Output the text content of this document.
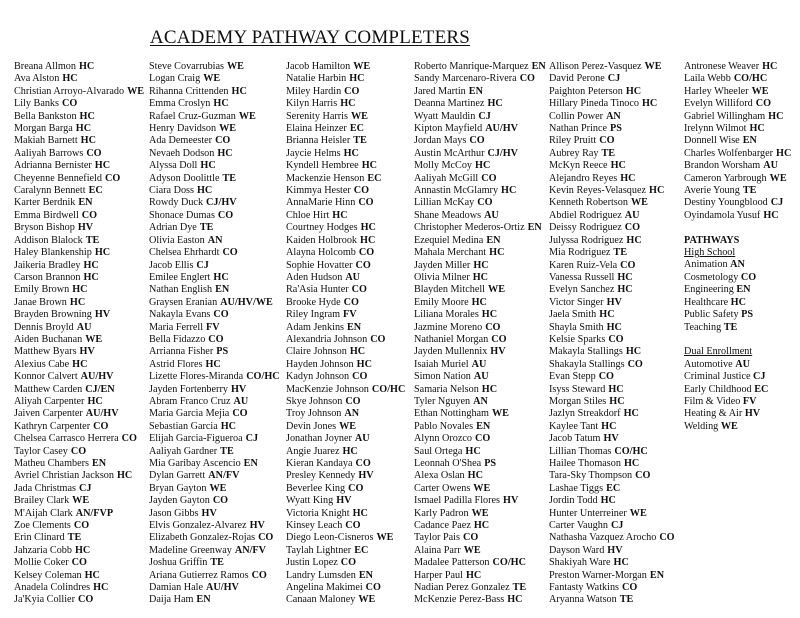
ACADEMY PATHWAY COMPLETERS
Breana Allmon HC
Ava Alston HC
Christian Arroyo-Alvarado WE
Lily Banks CO
Bella Bankston HC
Morgan Barga HC
Makiah Barnett HC
Aaliyah Barrows CO
Adrianna Bernister HC
Cheyenne Bennefield CO
Caralynn Bennett EC
Karter Berdnik EN
Emma Birdwell CO
Bryson Bishop HV
Addison Blalock TE
Haley Blankenship HC
Jaikeria Bradley HC
Carson Brannon HC
Emily Brown HC
Janae Brown HC
Brayden Browning HV
Dennis Broyld AU
Aiden Buchanan WE
Matthew Byars HV
Alexius Cabe HC
Konnor Calvert AU/HV
Matthew Carden CJ/EN
Aliyah Carpenter HC
Jaiven Carpenter AU/HV
Kathryn Carpenter CO
Chelsea Carrasco Herrera CO
Taylor Casey CO
Matheu Chambers EN
Avriel Christian Jackson HC
Jada Christmas CJ
Brailey Clark WE
M'Aijah Clark AN/FVP
Zoe Clements CO
Erin Clinard TE
Jahzaria Cobb HC
Mollie Coker CO
Kelsey Coleman HC
Anadela Colindres HC
Ja'Kyia Collier CO
Steve Covarrubias WE
Logan Craig WE
Rihanna Crittenden HC
Emma Croslyn HC
Rafael Cruz-Guzman WE
Henry Davidson WE
Ada Demeester CO
Nevaeh Dodson HC
Alyssa Doll HC
Adyson Doolittle TE
Ciara Doss HC
Rowdy Duck CJ/HV
Shonace Dumas CO
Adrian Dye TE
Olivia Easton AN
Chelsea Ehrhardt CO
Jacob Ellis CJ
Emilee Englert HC
Nathan English EN
Graysen Eranian AU/HV/WE
Nakayla Evans CO
Maria Ferrell FV
Bella Fidazzo CO
Arrianna Fisher PS
Astrid Flores HC
Lizette Flores-Miranda CO/HC
Jayden Fortenberry HV
Abram Franco Cruz AU
Maria Garcia Mejia CO
Sebastian Garcia HC
Elijah Garcia-Figueroa CJ
Aaliyah Gardner TE
Mia Garibay Ascencio EN
Dylan Garrett AN/FV
Bryan Gayton WE
Jayden Gayton CO
Jason Gibbs HV
Elvis Gonzalez-Alvarez HV
Elizabeth Gonzalez-Rojas CO
Madeline Greenway AN/FV
Joshua Griffin TE
Ariana Gutierrez Ramos CO
Damian Hale AU/HV
Daija Ham EN
Jacob Hamilton WE
Natalie Harbin HC
Miley Hardin CO
Kilyn Harris HC
Serenity Harris WE
Elaina Heinzer EC
Brianna Heisler TE
Jaycie Helms HC
Kyndell Hembree HC
Mackenzie Henson EC
Kimmya Hester CO
AnnaMarie Hinn CO
Chloe Hirt HC
Courtney Hodges HC
Kaiden Holbrook HC
Alayna Holcomb CO
Sophie Hovatter CO
Aden Hudson AU
Ra'Asia Hunter CO
Brooke Hyde CO
Riley Ingram FV
Adam Jenkins EN
Alexandria Johnson CO
Claire Johnson HC
Hayden Johnson HC
Kadyn Johnson CO
MacKenzie Johnson CO/HC
Skye Johnson CO
Troy Johnson AN
Devin Jones WE
Jonathan Joyner AU
Angie Juarez HC
Kieran Kandaya CO
Presley Kennedy HV
Beverlee King CO
Wyatt King HV
Victoria Knight HC
Kinsey Leach CO
Diego Leon-Cisneros WE
Taylah Lightner EC
Justin Lopez CO
Landry Lumsden EN
Angelina Makimei CO
Canaan Maloney WE
Roberto Manrique-Marquez EN
Sandy Marcenaro-Rivera CO
Jared Martin EN
Deanna Martinez HC
Wyatt Mauldin CJ
Kipton Mayfield AU/HV
Jordan Mays CO
Austin McArthur CJ/HV
Molly McCoy HC
Aaliyah McGill CO
Annastin McGlamry HC
Lillian McKay CO
Shane Meadows AU
Christopher Mederos-Ortiz EN
Ezequiel Medina EN
Mahala Merchant HC
Jayden Miller HC
Olivia Milner HC
Blayden Mitchell WE
Emily Moore HC
Liliana Morales HC
Jazmine Moreno CO
Nathaniel Morgan CO
Jayden Mullennix HV
Isaiah Muriel AU
Simon Nation AU
Samaria Nelson HC
Tyler Nguyen AN
Ethan Nottingham WE
Pablo Novales EN
Alynn Orozco CO
Saul Ortega HC
Leonnah O'Shea PS
Alexa Oslan HC
Carter Owens WE
Ismael Padilla Flores HV
Karly Padron WE
Cadance Paez HC
Taylor Pais CO
Alaina Parr WE
Madalee Patterson CO/HC
Harper Paul HC
Nadian Perez Gonzalez TE
McKenzie Perez-Bass HC
Allison Perez-Vasquez WE
David Perone CJ
Paighton Peterson HC
Hillary Pineda Tinoco HC
Collin Power AN
Nathan Prince PS
Riley Pruitt CO
Aubrey Ray TE
McKyn Reece HC
Alejandro Reyes HC
Kevin Reyes-Velasquez HC
Kenneth Robertson WE
Abdiel Rodriguez AU
Deissy Rodriguez CO
Julyssa Rodriguez HC
Mia Rodriguez TE
Karen Ruiz-Vela CO
Vanessa Russell HC
Evelyn Sanchez HC
Victor Singer HV
Jaela Smith HC
Shayla Smith HC
Kelsie Sparks CO
Makayla Stallings HC
Shakayla Stallings CO
Evan Stepp CO
Isyss Steward HC
Morgan Stiles HC
Jazlyn Streakdorf HC
Kaylee Tant HC
Jacob Tatum HV
Lillian Thomas CO/HC
Hailee Thomason HC
Tara-Sky Thompson CO
Lashae Tiggs EC
Jordin Todd HC
Hunter Unterreiner WE
Carter Vaughn CJ
Nathasha Vazquez Arocho CO
Dayson Ward HV
Shakiyah Ware HC
Preston Warner-Morgan EN
Fantasty Watkins CO
Aryanna Watson TE
Antronese Weaver HC
Laila Webb CO/HC
Harley Wheeler WE
Evelyn Williford CO
Gabriel Willingham HC
Irelynn Wilmot HC
Donnell Wise EN
Charles Wolfenbarger HC
Brandon Worsham AU
Cameron Yarbrough WE
Averie Young TE
Destiny Youngblood CJ
Oyindamola Yusuf HC
PATHWAYS
High School
Animation AN
Cosmetology CO
Engineering EN
Healthcare HC
Public Safety PS
Teaching TE
Dual Enrollment
Automotive AU
Criminal Justice CJ
Early Childhood EC
Film & Video FV
Heating & Air HV
Welding WE
